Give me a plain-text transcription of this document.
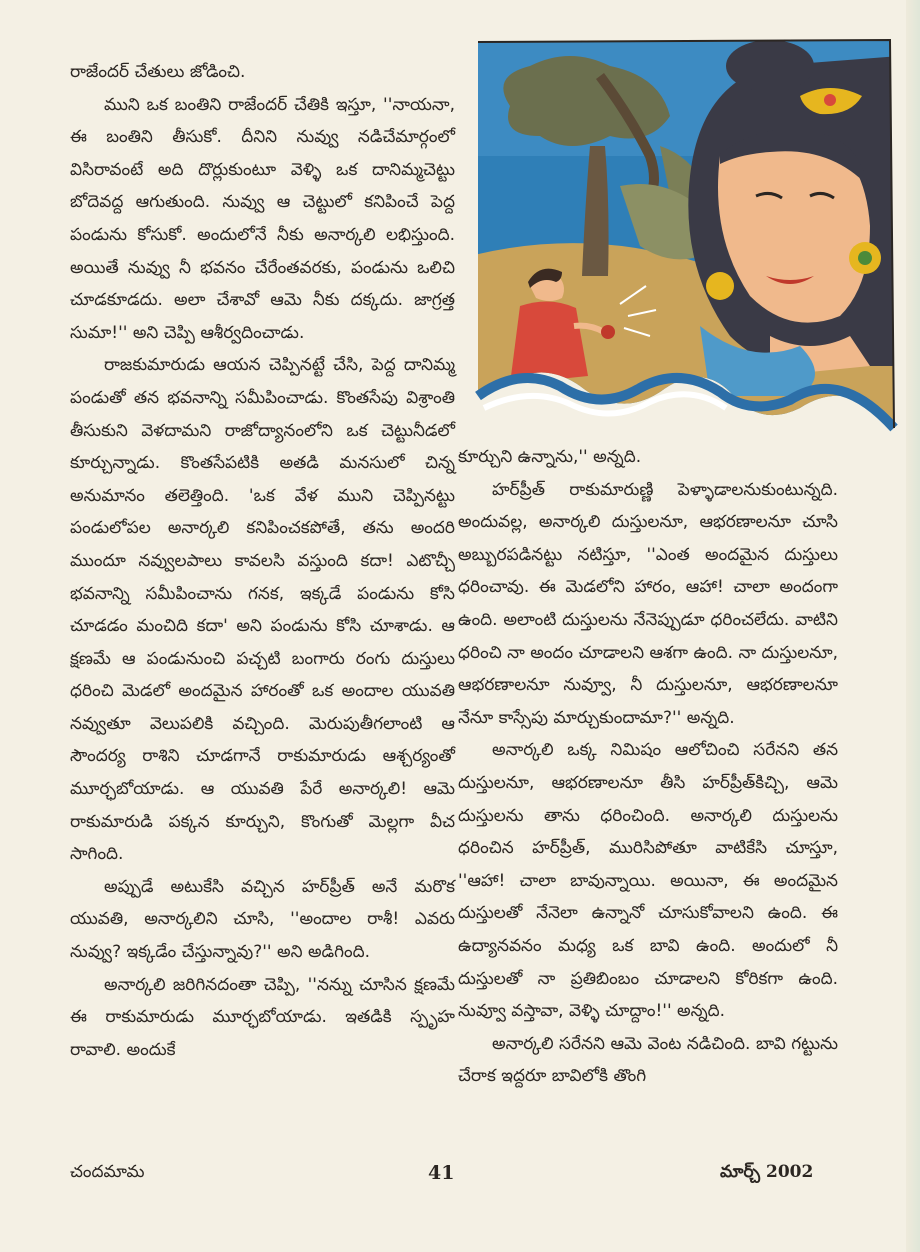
రాజేందర్ చేతులు జోడించి.

ముని ఒక బంతిని రాజేందర్ చేతికి ఇస్తూ, ''నాయనా, ఈ బంతిని తీసుకో. దీనిని నువ్వు నడిచేమార్గంలో విసిరావంటే అది దొర్లుకుంటూ వెళ్ళి ఒక దానిమ్మచెట్టు బోదెవద్ద ఆగుతుంది. నువ్వు ఆ చెట్టులో కనిపించే పెద్ద పండును కోసుకో. అందులోనే నీకు అనార్కలి లభిస్తుంది. అయితే నువ్వు నీ భవనం చేరేంతవరకు, పండును ఒలిచి చూడకూడదు. అలా చేశావో ఆమె నీకు దక్కదు. జాగ్రత్త సుమా!'' అని చెప్పి ఆశీర్వదించాడు.

రాజకుమారుడు ఆయన చెప్పినట్టే చేసి, పెద్ద దానిమ్మ పండుతో తన భవనాన్ని సమీపించాడు. కొంతసేపు విశ్రాంతి తీసుకుని వెళదామని రాజోద్యానంలోని ఒక చెట్టునీడలో కూర్చున్నాడు. కొంతసేపటికి అతడి మనసులో చిన్న అనుమానం తలెత్తింది. 'ఒక వేళ ముని చెప్పినట్టు పండులోపల అనార్కలి కనిపించకపోతే, తను అందరి ముందూ నవ్వులపాలు కావలసి వస్తుంది కదా! ఎటొచ్చీ భవనాన్ని సమీపించాను గనక, ఇక్కడే పండును కోసి చూడడం మంచిది కదా' అని పండును కోసి చూశాడు. ఆ క్షణమే ఆ పండునుంచి పచ్చటి బంగారు రంగు దుస్తులు ధరించి మెడలో అందమైన హారంతో ఒక అందాల యువతి నవ్వుతూ వెలుపలికి వచ్చింది. మెరుపుతీగలాంటి ఆ సౌందర్య రాశిని చూడగానే రాకుమారుడు ఆశ్చర్యంతో మూర్ఛబోయాడు. ఆ యువతి పేరే అనార్కలి! ఆమె రాకుమారుడి పక్కన కూర్చుని, కొంగుతో మెల్లగా వీచ సాగింది.

అప్పుడే అటుకేసి వచ్చిన హర్‌ప్రీత్ అనే మరొక యువతి, అనార్కలిని చూసి, ''అందాల రాశీ! ఎవరు నువ్వు? ఇక్కడేం చేస్తున్నావు?'' అని అడిగింది.

అనార్కలి జరిగినదంతా చెప్పి, ''నన్ను చూసిన క్షణమే ఈ రాకుమారుడు మూర్ఛబోయాడు. ఇతడికి స్పృహ రావాలి. అందుకే

కూర్చుని ఉన్నాను,'' అన్నది.

హర్‌ప్రీత్ రాకుమారుణ్ణి పెళ్ళాడాలనుకుంటున్నది. అందువల్ల, అనార్కలి దుస్తులనూ, ఆభరణాలనూ చూసి అబ్బురపడినట్టు నటిస్తూ, ''ఎంత అందమైన దుస్తులు ధరించావు. ఈ మెడలోని హారం, ఆహా! చాలా అందంగా ఉంది. అలాంటి దుస్తులను నేనెప్పుడూ ధరించలేదు. వాటిని ధరించి నా అందం చూడాలని ఆశగా ఉంది. నా దుస్తులనూ, ఆభరణాలనూ నువ్వూ, నీ దుస్తులనూ, ఆభరణాలనూ నేనూ కాస్సేపు మార్చుకుందామా?'' అన్నది.

అనార్కలి ఒక్క నిమిషం ఆలోచించి సరేనని తన దుస్తులనూ, ఆభరణాలనూ తీసి హర్‌ప్రీత్‌కిచ్చి, ఆమె దుస్తులను తాను ధరించింది. అనార్కలి దుస్తులను ధరించిన హర్‌ప్రీత్, మురిసిపోతూ వాటికేసి చూస్తూ, ''ఆహా! చాలా బావున్నాయి. అయినా, ఈ అందమైన దుస్తులతో నేనెలా ఉన్నానో చూసుకోవాలని ఉంది. ఈ ఉద్యానవనం మధ్య ఒక బావి ఉంది. అందులో నీ దుస్తులతో నా ప్రతిబింబం చూడాలని కోరికగా ఉంది. నువ్వూ వస్తావా, వెళ్ళి చూద్దాం!'' అన్నది.

అనార్కలి సరేనని ఆమె వెంట నడిచింది. బావి గట్టును చేరాక ఇద్దరూ బావిలోకి తొంగి

చందమామ	41	మార్చ్ 2002
